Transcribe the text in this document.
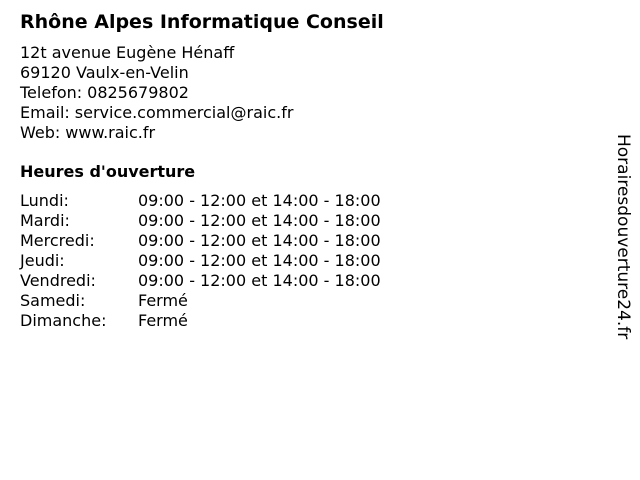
Rhône Alpes Informatique Conseil
12t avenue Eugène Hénaff
69120 Vaulx-en-Velin
Telefon: 0825679802
Email: service.commercial@raic.fr
Web: www.raic.fr
Heures d'ouverture
Lundi:	09:00 - 12:00 et 14:00 - 18:00
Mardi:	09:00 - 12:00 et 14:00 - 18:00
Mercredi:	09:00 - 12:00 et 14:00 - 18:00
Jeudi:	09:00 - 12:00 et 14:00 - 18:00
Vendredi:	09:00 - 12:00 et 14:00 - 18:00
Samedi:	Fermé
Dimanche:	Fermé	Horairesdouverture24.fr
